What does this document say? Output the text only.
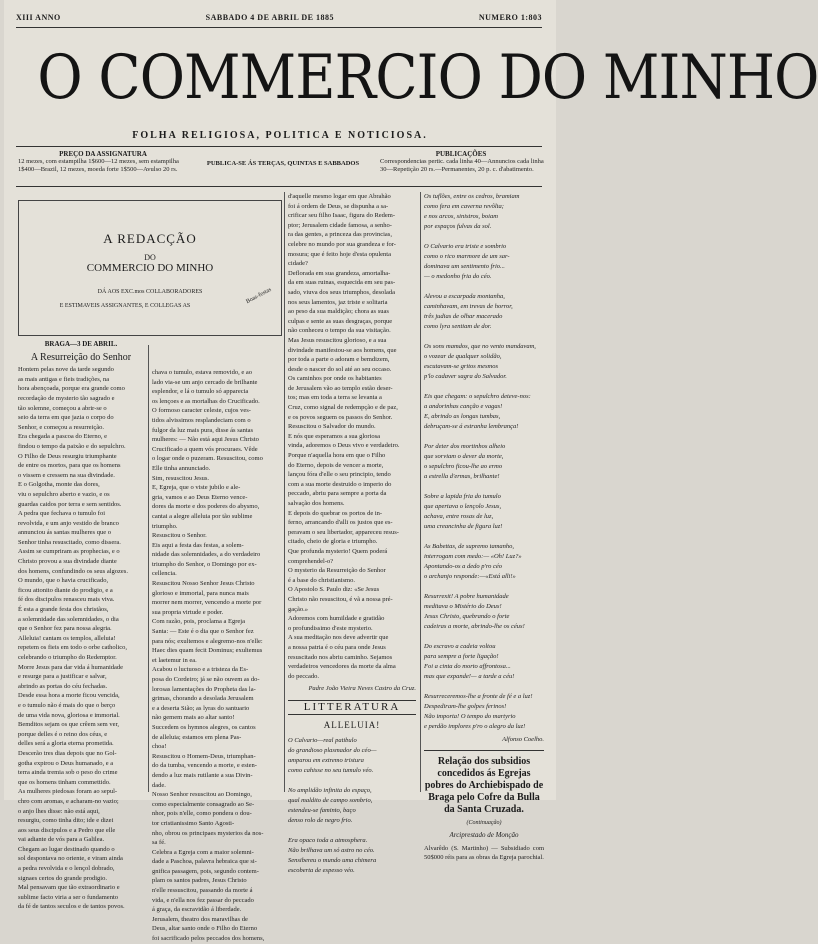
XIII ANNO	SABBADO 4 DE ABRIL DE 1885	NUMERO 1:803
O COMMERCIO DO MINHO
FOLHA RELIGIOSA, POLITICA E NOTICIOSA.
PREÇO DA ASSIGNATURA
12 mezes, com estampilha 1$600—12 mezes, sem estampilha
1$400—Brazil, 12 mezes, moeda forte 1$500—Avulso 20 rs.
PUBLICA-SE ÁS TERÇAS, QUINTAS E SABBADOS
PUBLICAÇÕES
Correspondencias pertic. cada linha 40—Annuncios cada linha
30—Repetição 20 rs.—Permanentes, 20 p. c. d'abatimento.
A REDACÇÃO
DO
COMMERCIO DO MINHO
DÁ AOS EXC.mos COLLABORADORES
E ESTIMAVEIS ASSIGNANTES, E COLLEGAS AS
Boas-festas
BRAGA—3 DE ABRIL.
A Resurreição do Senhor
Hontem pelas nove da tarde segundo
as mais antigas e fieis tradições, na
hora abençoada, porque era grande como
recordação de mysterio tão sagrado e
tão solemne, começou a abrir-se o
seio da terra em que jazia o corpo do
Senhor, e começou a resurreição.
Era chegada a pascoa do Eterno, e
findou o tempo da paixão e do sepulchro.
O Filho de Deus resurgiu triumphante
de entre os mortos, para que os homens
o vissem e cressem na sua divindade.
E o Golgotha, monte das dores,
viu o sepulchro aberto e vazio, e os
guardas caidos por terra e sem sentidos.
A pedra que fechava o tumulo foi
revolvida, e um anjo vestido de branco
annunciou ás santas mulheres que o
Senhor tinha resuscitado, como dissera.
Assim se cumpriram as prophecias, e o
Christo provou a sua divindade diante
dos homens, confundindo os seus algozes.
O mundo, que o havia crucificado,
ficou attonito diante do prodigio, e a
fé dos discipulos renasceu mais viva.
É esta a grande festa dos christãos,
a solemnidade das solemnidades, o dia
que o Senhor fez para nossa alegria.
Alleluia! cantam os templos, alleluia!
repetem os fieis em todo o orbe catholico,
celebrando o triumpho do Redemptor.
Morre Jesus para dar vida á humanidade
e resurge para a justificar e salvar,
abrindo as portas do céu fechadas.
Desde essa hora a morte ficou vencida,
e o tumulo não é mais do que o berço
de uma vida nova, gloriosa e immortal.
Bemditos sejam os que crêem sem ver,
porque delles é o reino dos céus, e
delles será a gloria eterna prometida.
Descerão tres dias depois que no Gol-
gotha expirou o Deus humanado, e a
terra ainda tremia sob o peso do crime
que os homens tinham commettido.
As mulheres piedosas foram ao sepul-
chro com aromas, e acharam-no vazio;
o anjo lhes disse: não está aqui,
resurgiu, como tinha dito; ide e dizei
aos seus discipulos e a Pedro que elle
vai adiante de vós para a Galilea.
Chegam ao lugar destinado quando o
sol despontava no oriente, e viram ainda
a pedra revolvida e o lençol dobrado,
signaes certos do grande prodigio.
Mal pensavam que tão extraordinario e
sublime facto viria a ser o fundamento
da fé de tantos seculos e de tantos povos.
chava o tumulo, estava removido, e ao
lado via-se um anjo cercado de brilhante
esplendor, e lá o tumulo só apparecia
os lençoes e as mortalhas do Crucificado.
O formoso caracter celeste, cujos ves-
tidos alvissimos resplandeciam com o
fulgor da luz mais pura, disse ás santas
mulheres: — Não está aqui Jesus Christo
Crucificado a quem vós procuraes. Vêde
o logar onde o puzeram. Resuscitou, como
Elle tinha annunciado.
Sim, resuscitou Jesus.
E, Egreja, que o viste jubilo e ale-
gria, vamos e ao Deus Eterno vence-
dores da morte e dos poderes do abysmo,
cantai a alegre alleluia por tão sublime
triumpho.
Resuscitou o Senhor.
Eis aqui a festa das festas, a solem-
nidade das solemnidades, a do verdadeiro
triumpho do Senhor, o Domingo por ex-
cellencia.
Resuscitou Nosso Senhor Jesus Christo
glorioso e immortal, para nunca mais
morrer nem morrer, vencendo a morte por
sua propria virtude e poder.
Com razão, pois, proclama a Egreja
Santa: — Este é o dia que o Senhor fez
para nós; exultemos e alegremo-nos n'elle:
Haec dies quam fecit Dominus; exultemus
et laetemur in ea.
Acabou o luctuoso e a tristeza da Es-
posa do Cordeiro; já se não ouvem as do-
lorosas lamentações do Propheta das la-
grimas, chorando a desolada Jerusalem
e a deserta Sião; as lyras do santuario
não gemem mais ao altar santo!
Succedem os hymnos alegres, os cantos
de alleluia; estamos em plena Pas-
choa!
Resuscitou o Homem-Deus, triumphan-
do da tumba, vencendo a morte, e esten-
dendo a luz mais rutilante a sua Divin-
dade.
Nosso Senhor resuscitou ao Domingo,
como especialmente consagrado ao Se-
nhor, pois n'elle, como pondera o dou-
tor cristianissimo Santo Agosti-
nho, obrou os principaes mysterios da nos-
sa fé.
Celebra a Egreja com a maior solemni-
dade a Paschoa, palavra hebraica que si-
gnifica passagem, pois, segundo contem-
plam os santos padres, Jesus Christo
n'elle ressuscitou, passando da morte á
vida, e n'ella nos fez passar do peccado
á graça, da escravidão á liberdade.
Jerusalem, theatro dos maravilhas de
Deus, altar santo onde o Filho do Eterno
foi sacrificado pelos peccados dos homens,
d'aquelle mesmo logar em que Abrahão
foi á ordem de Deus, se dispunha a sa-
crificar seu filho Isaac, figura do Redem-
ptor; Jerusalem cidade famosa, a senho-
ra das gentes, a princeza das provincias,
celebre no mundo por sua grandeza e for-
mosura; que é feito hoje d'esta opulenta
cidade?
Deflorada em sua grandeza, amortalha-
da em suas ruinas, esquecida em seu pas-
sado, viuva dos seus triumphos, desolada
nos seus lamentos, jaz triste e solitaria
ao peso da sua maldição; chora as suas
culpas e sente as suas desgraças, porque
não conheceu o tempo da sua visitação.
Mas Jesus resuscitou glorioso, e a sua
divindade manifestou-se aos homens, que
por toda a parte o adoram e bemdizem,
desde o nascer do sol até ao seu occaso.
Os caminhos por onde os habitantes
de Jerusalem vão ao templo estão deser-
tos; mas em toda a terra se levanta a
Cruz, como signal de redempção e de paz,
e os povos seguem os passos do Senhor.
Resuscitou o Salvador do mundo.
E nós que esperamos a sua gloriosa
vinda, adoremos o Deus vivo e verdadeiro.
Porque n'aquella hora em que o Filho
do Eterno, depois de vencer a morte,
lançou fóra d'elle o seu principio, tendo
com a sua morte destruido o imperio do
peccado, abriu para sempre a porta da
salvação dos homens.
E depois do quebrar os portos de in-
ferno, arrancando d'alli os justos que es-
peravam o seu libertador, appareceu resus-
citado, cheio de gloria e triumpho.
Que profunda mysterio! Quem poderá
comprehendel-o?
O mysterio da Resurreição do Senhor
é a base do christianismo.
O Apostolo S. Paulo diz: «Se Jesus
Christo não resuscitou, é vã a nossa pré-
gação.»
Adoremos com humildade e gratidão
o profundissimo d'este mysterio.
A sua meditação nos deve advertir que
a nossa patria é o céu para onde Jesus
resuscitado nos abriu caminho. Sejamos
verdadeiros vencedores da morte da alma
do peccado.
Padre João Vieira Neves Castro da Cruz.
LITTERATURA
ALLELUIA!
O Calvario—real patibulo
do grandioso plasmador do céo—
amparou em extremo tristura
como cahisse no seu tumulo véo.
No amplidão infinita do espaço,
qual maldito de campo sombrio,
estendeu-se faminto, baço
denso rolo de negro frio.
Era opaco toda a atmosphera.
Não brilhava um só astro no céo.
Sensibereu o mundo uma chimera
escoberta de espesso véo.
Os tuflões, entre os cedros, bramiam
como fera em caverna revôlta;
e nos arcos, sinistros, boiam
por espaços fulvas da sol.
O Calvario era triste e sombrio
como o rico marmore de um sar-
dominava um sentimento frio...
— o medonho fria do céo.
Alevou a escarpada montanha,
caminhavam, em trevas de horror,
três judias de olhar macerado
como lyra sentiam de dor.
Os sons mamdos, que no vento mandavam,
o vozear de qualquer solidão,
escutavam-se gritos mesmos
p'lo cadaver sagra do Salvador.
Eis que chegam: o sepulchro deteve-nos:
a andorinhas canção e vagas!
E, abrindo as longas tumbas,
debruçam-se á estranha lembrança!
Por deter dos mortinhos alheio
que sorviam o dever da morte,
o sepulchro ficou-lhe ao ermo
a estrella d'ermas, brilhante!
Sobre a lapida fria do tumulo
que apertava o lençolo Jesus,
achava, entre rosas de luz,
uma creancinha de figura luz!
As Babettas, de supremo tamanho,
interrogam com medo:— «Oh! Luz?»
Apontando-os a dedo p'ro céo
o archanjo responde:—«Está alli!»
Resurrexit! A pobre humanidade
meditava o Mistério do Deus!
Jesus Christo, quebrando o forte
cadeiras a morte, abrindo-lhe os céus!
Do escravo a cadeia voltou
para sempre a forte ligação!
Foi a cinta do morto affrontosa...
mas que expande!— a tarde a céu!
Resurreceremos-lhe a fronte de fé e a luz!
Despediram-lhe golpes ferinos!
Não importa! O tempo do martyrio
e perdão implores p'ro o alegro da luz!
Alfonso Coelho.
Relação dos subsidios concedidos ás Egrejas pobres do Archiebispado de Braga pelo Cofre da Bulla da Santa Cruzada.
(Continuação)
Arciprestado de Monção
Alvarêdo (S. Martinho) — Subsidiado com 50$000 réis para as obras da Egreja parochial.
